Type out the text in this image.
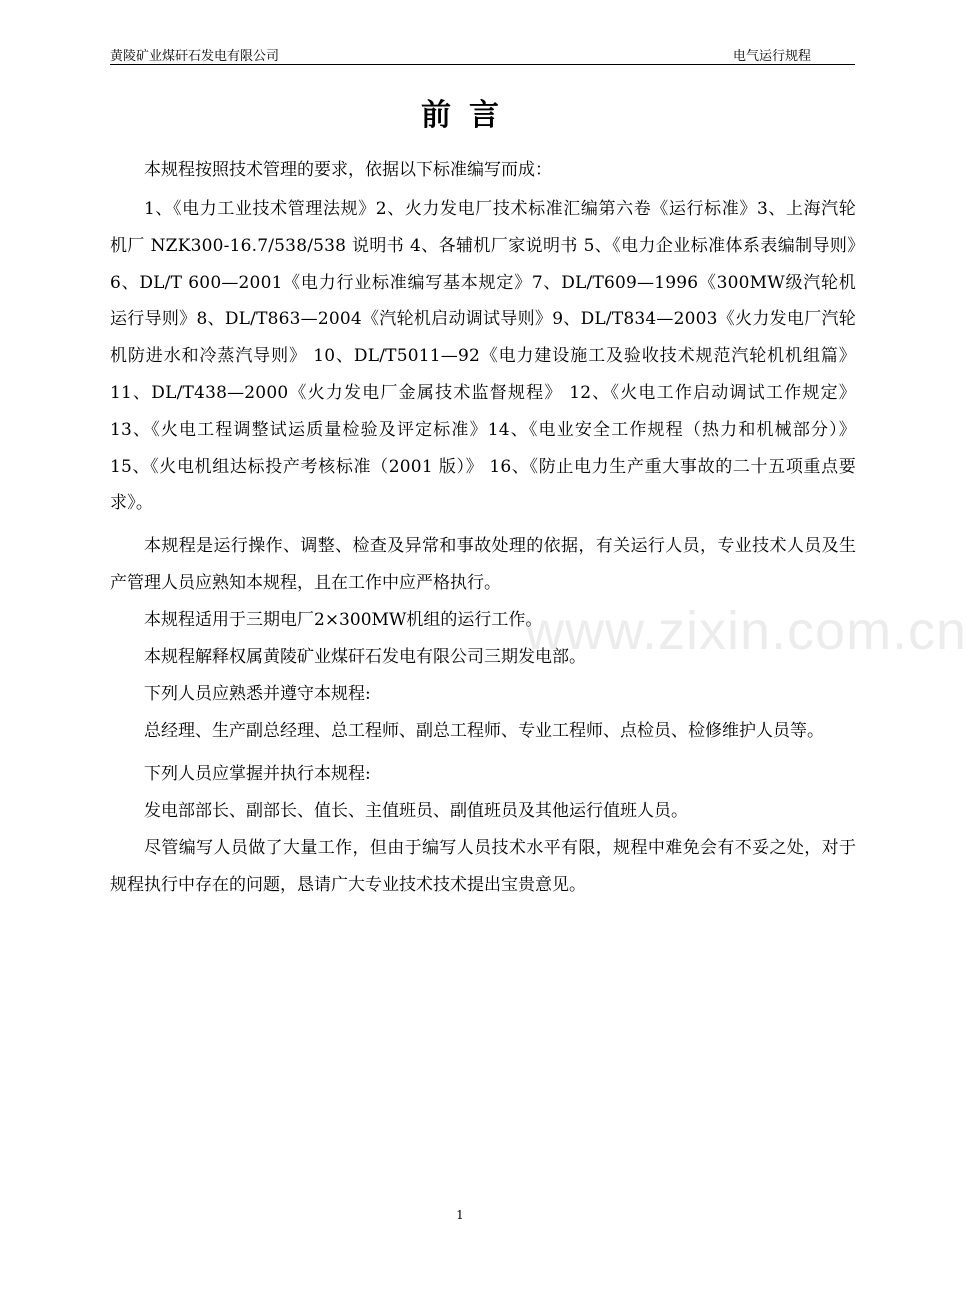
黄陵矿业煤矸石发电有限公司	电气运行规程
前言

本规程按照技术管理的要求，依据以下标准编写而成：

1、《电力工业技术管理法规》2、火力发电厂技术标准汇编第六卷《运行标准》3、上海汽轮机厂 NZK300-16.7/538/538 说明书 4、各辅机厂家说明书 5、《电力企业标准体系表编制导则》6、DL/T 600—2001《电力行业标准编写基本规定》7、DL/T609—1996《300MW级汽轮机运行导则》8、DL/T863—2004《汽轮机启动调试导则》9、DL/T834—2003《火力发电厂汽轮机防进水和冷蒸汽导则》 10、DL/T5011—92《电力建设施工及验收技术规范汽轮机机组篇》11、DL/T438—2000《火力发电厂金属技术监督规程》 12、《火电工作启动调试工作规定》13、《火电工程调整试运质量检验及评定标准》14、《电业安全工作规程（热力和机械部分）》 15、《火电机组达标投产考核标准（2001 版）》 16、《防止电力生产重大事故的二十五项重点要求》。

本规程是运行操作、调整、检查及异常和事故处理的依据，有关运行人员，专业技术人员及生产管理人员应熟知本规程，且在工作中应严格执行。

本规程适用于三期电厂2×300MW机组的运行工作。

本规程解释权属黄陵矿业煤矸石发电有限公司三期发电部。

下列人员应熟悉并遵守本规程:

总经理、生产副总经理、总工程师、副总工程师、专业工程师、点检员、检修维护人员等。

下列人员应掌握并执行本规程:

发电部部长、副部长、值长、主值班员、副值班员及其他运行值班人员。

尽管编写人员做了大量工作，但由于编写人员技术水平有限，规程中难免会有不妥之处，对于规程执行中存在的问题，恳请广大专业技术技术提出宝贵意见。

www.zixin.com.cn
1
